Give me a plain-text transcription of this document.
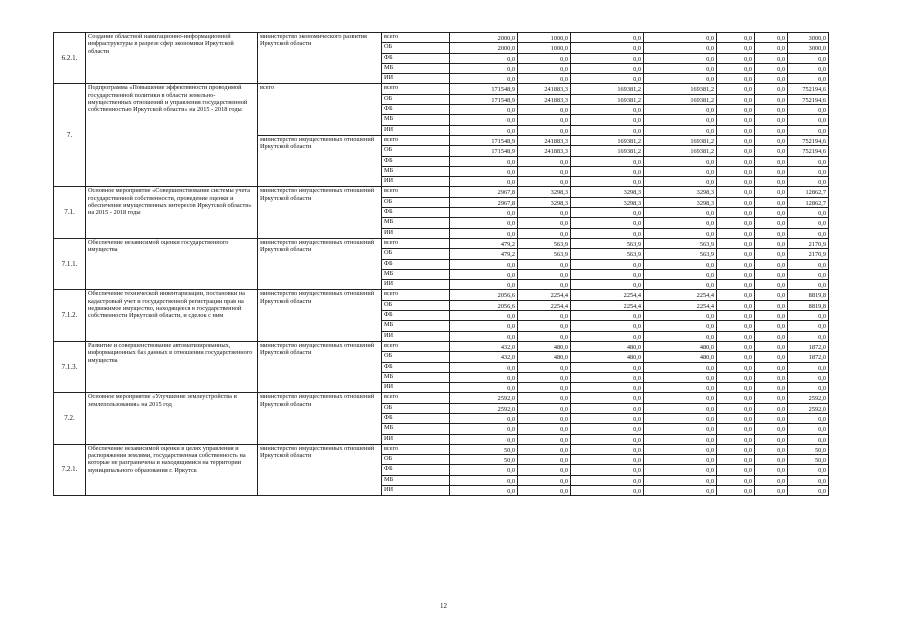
6.2.1.	Создание областной навигационно-информационной инфраструктуры в разрезе сфер экономики Иркутской области	министерство экономического развития Иркутской области	всего	2000,0	1000,0	0,0	0,0	0,0	0,0	3000,0
			ОБ	2000,0	1000,0	0,0	0,0	0,0	0,0	3000,0
			ФБ	0,0	0,0	0,0	0,0	0,0	0,0	0,0
			МБ	0,0	0,0	0,0	0,0	0,0	0,0	0,0
			ИИ	0,0	0,0	0,0	0,0	0,0	0,0	0,0
7.	Подпрограмма «Повышение эффективности проводимой государственной политики в области земельно-имущественных отношений и управления государственной собственностью Иркутской области» на 2015 - 2018 годы	всего	всего	171548,9	241883,3	169381,2	169381,2	0,0	0,0	752194,6
			ОБ	171548,9	241883,3	169381,2	169381,2	0,0	0,0	752194,6
			ФБ	0,0	0,0	0,0	0,0	0,0	0,0	0,0
			МБ	0,0	0,0	0,0	0,0	0,0	0,0	0,0
			ИИ	0,0	0,0	0,0	0,0	0,0	0,0	0,0
		министерство имущественных отношений Иркутской области	всего	171548,9	241883,3	169381,2	169381,2	0,0	0,0	752194,6
			ОБ	171548,9	241883,3	169381,2	169381,2	0,0	0,0	752194,6
			ФБ	0,0	0,0	0,0	0,0	0,0	0,0	0,0
			МБ	0,0	0,0	0,0	0,0	0,0	0,0	0,0
			ИИ	0,0	0,0	0,0	0,0	0,0	0,0	0,0
7.1.	Основное мероприятие «Совершенствование системы учета государственной собственности, проведение оценки и обеспечение имущественных интересов Иркутской области» на 2015 - 2018 годы	министерство имущественных отношений Иркутской области	всего	2967,8	3298,3	3298,3	3298,3	0,0	0,0	12862,7
			ОБ	2967,8	3298,3	3298,3	3298,3	0,0	0,0	12862,7
			ФБ	0,0	0,0	0,0	0,0	0,0	0,0	0,0
			МБ	0,0	0,0	0,0	0,0	0,0	0,0	0,0
			ИИ	0,0	0,0	0,0	0,0	0,0	0,0	0,0
7.1.1.	Обеспечение независимой оценки государственного имущества	министерство имущественных отношений Иркутской области	всего	479,2	563,9	563,9	563,9	0,0	0,0	2170,9
			ОБ	479,2	563,9	563,9	563,9	0,0	0,0	2170,9
			ФБ	0,0	0,0	0,0	0,0	0,0	0,0	0,0
			МБ	0,0	0,0	0,0	0,0	0,0	0,0	0,0
			ИИ	0,0	0,0	0,0	0,0	0,0	0,0	0,0
7.1.2.	Обеспечение технической инвентаризации, постановки на кадастровый учет и государственной регистрации прав на недвижимое имущество, находящееся в государственной собственности Иркутской области, и сделок с ним	министерство имущественных отношений Иркутской области	всего	2056,6	2254,4	2254,4	2254,4	0,0	0,0	8819,8
			ОБ	2056,6	2254,4	2254,4	2254,4	0,0	0,0	8819,8
			ФБ	0,0	0,0	0,0	0,0	0,0	0,0	0,0
			МБ	0,0	0,0	0,0	0,0	0,0	0,0	0,0
			ИИ	0,0	0,0	0,0	0,0	0,0	0,0	0,0
7.1.3.	Развитие и совершенствование автоматизированных, информационных баз данных в отношении государственного имущества	министерство имущественных отношений Иркутской области	всего	432,0	480,0	480,0	480,0	0,0	0,0	1872,0
			ОБ	432,0	480,0	480,0	480,0	0,0	0,0	1872,0
			ФБ	0,0	0,0	0,0	0,0	0,0	0,0	0,0
			МБ	0,0	0,0	0,0	0,0	0,0	0,0	0,0
			ИИ	0,0	0,0	0,0	0,0	0,0	0,0	0,0
7.2.	Основное мероприятие «Улучшение землеустройства и землепользования» на 2015 год	министерство имущественных отношений Иркутской области	всего	2592,0	0,0	0,0	0,0	0,0	0,0	2592,0
			ОБ	2592,0	0,0	0,0	0,0	0,0	0,0	2592,0
			ФБ	0,0	0,0	0,0	0,0	0,0	0,0	0,0
			МБ	0,0	0,0	0,0	0,0	0,0	0,0	0,0
			ИИ	0,0	0,0	0,0	0,0	0,0	0,0	0,0
7.2.1.	Обеспечение независимой оценки в целях управления и распоряжения землями, государственная собственность на которые не разграничена и находящимися на территории муниципального образования г. Иркутск	министерство имущественных отношений Иркутской области	всего	50,0	0,0	0,0	0,0	0,0	0,0	50,0
			ОБ	50,0	0,0	0,0	0,0	0,0	0,0	50,0
			ФБ	0,0	0,0	0,0	0,0	0,0	0,0	0,0
			МБ	0,0	0,0	0,0	0,0	0,0	0,0	0,0
			ИИ	0,0	0,0	0,0	0,0	0,0	0,0	0,0
12
